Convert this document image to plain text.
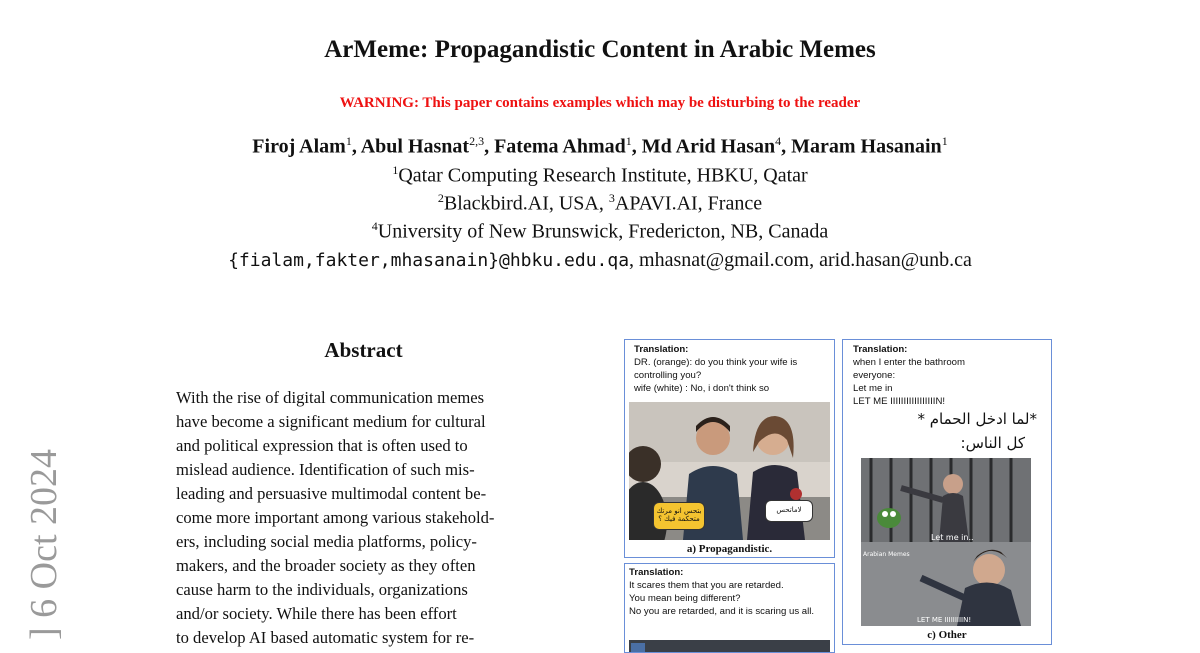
ArMeme: Propagandistic Content in Arabic Memes
WARNING: This paper contains examples which may be disturbing to the reader
Firoj Alam$^1$, Abul Hasnat$^{2,3}$, Fatema Ahmad$^1$, Md Arid Hasan$^4$, Maram Hasanain$^1$
$^1$Qatar Computing Research Institute, HBKU, Qatar
$^2$Blackbird.AI, USA, $^3$APAVI.AI, France
$^4$University of New Brunswick, Fredericton, NB, Canada
{fialam,fakter,mhasanain}@hbku.edu.qa, mhasnat@gmail.com, arid.hasan@unb.ca
] 6 Oct 2024
Abstract
With the rise of digital communication memes
have become a significant medium for cultural
and political expression that is often used to
mislead audience. Identification of such mis-
leading and persuasive multimodal content be-
come more important among various stakehold-
ers, including social media platforms, policy-
makers, and the broader society as they often
cause harm to the individuals, organizations
and/or society. While there has been effort
to develop AI based automatic system for re-
Translation:
DR. (orange): do you think your wife is
controlling you?
wife (white) : No, i don't think so
بتحس انو مرتك متحكمة فيك ؟
لاماتحس
a) Propagandistic.
Translation:
It scares them that you are retarded.
You mean being different?
No you are retarded, and it is scaring us all.
Translation:
when I enter the bathroom
everyone:
Let me in
LET ME IIIIIIIIIIIIIIIIIN!
*لما ادخل الحمام *
كل الناس:
Let me in..
LET ME IIIIIIIIIN!
Arabian Memes
c) Other
